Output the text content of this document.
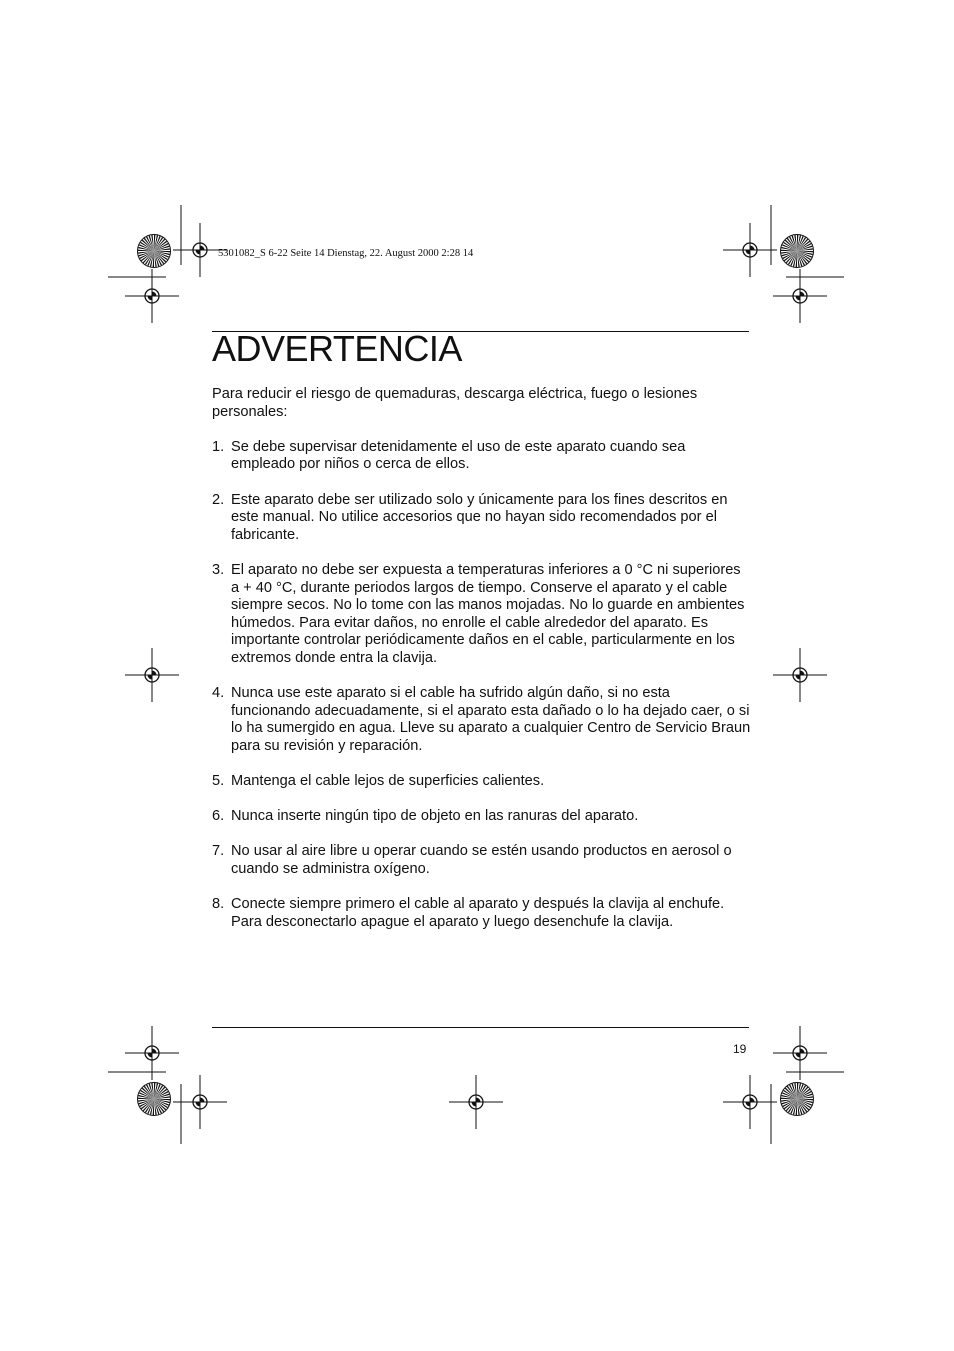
5301082_S 6-22 Seite 14 Dienstag, 22. August 2000 2:28 14
ADVERTENCIA

Para reducir el riesgo de quemaduras, descarga eléctrica, fuego o lesiones personales:

1. Se debe supervisar detenidamente el uso de este aparato cuando sea empleado por niños o cerca de ellos.
2. Este aparato debe ser utilizado solo y únicamente para los fines descritos en este manual. No utilice accesorios que no hayan sido recomendados por el fabricante.
3. El aparato no debe ser expuesta a temperaturas inferiores a 0 °C ni superiores a + 40 °C, durante periodos largos de tiempo. Conserve el aparato y el cable siempre secos. No lo tome con las manos mojadas. No lo guarde en ambientes húmedos. Para evitar daños, no enrolle el cable alrededor del aparato. Es importante controlar periódicamente daños en el cable, particularmente en los extremos donde entra la clavija.
4. Nunca use este aparato si el cable ha sufrido algún daño, si no esta funcionando adecuadamente, si el aparato esta dañado o lo ha dejado caer, o si lo ha sumergido en agua. Lleve su aparato a cualquier Centro de Servicio Braun para su revisión y reparación.
5. Mantenga el cable lejos de superficies calientes.
6. Nunca inserte ningún tipo de objeto en las ranuras del aparato.
7. No usar al aire libre u operar cuando se estén usando productos en aerosol o cuando se administra oxígeno.
8. Conecte siempre primero el cable al aparato y después la clavija al enchufe. Para desconectarlo apague el aparato y luego desenchufe la clavija.
19
